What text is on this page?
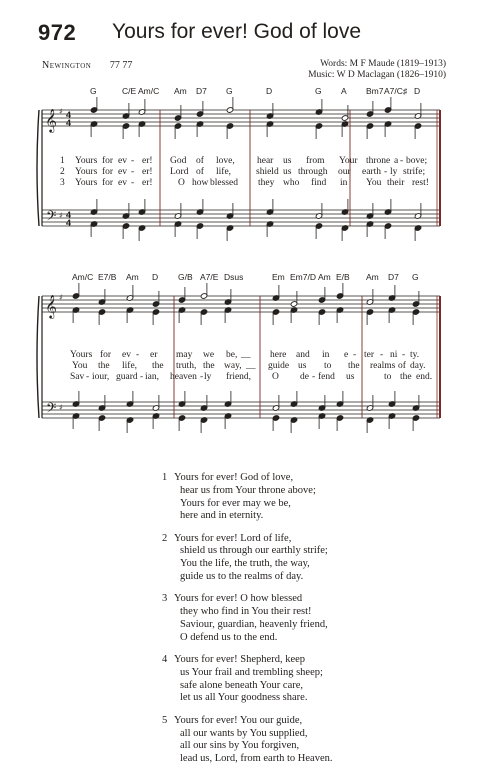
972 Yours for ever! God of love
Newington 77 77	Words: M F Maude (1819–1913)
Music: W D Maclagan (1826–1910)
𝄞
𝄢
♯
♯
4
4
4
4
G	C/E Am/C Am D7 G	D	G A Bm7 A7/C♯ D
1 Yours for ev - er! God of love, hear us from Your throne a - bove;
2 Yours for ev - er! Lord of life,	shield us through our earth - ly strife;
3 Yours for ev - er!	O how blessed they who find in You their rest!
𝄞
𝄢
♯
♯
Am/C E7/B Am D G/B A7/E Dsus	Em Em7/D Am E/B Am D7 G
Yours for ev - er may we be, __ here and in e - ter - ni - ty.
You the life, the truth, the way, __ guide us to the realms of day.
Sav - iour, guard - ian, heaven - ly friend, O de - fend us	to the end.
1 Yours for ever! God of love,
hear us from Your throne above;
Yours for ever may we be,
here and in eternity.
2 Yours for ever! Lord of life,
shield us through our earthly strife;
You the life, the truth, the way,
guide us to the realms of day.
3 Yours for ever! O how blessed
they who find in You their rest!
Saviour, guardian, heavenly friend,
O defend us to the end.
4 Yours for ever! Shepherd, keep
us Your frail and trembling sheep;
safe alone beneath Your care,
let us all Your goodness share.
5 Yours for ever! You our guide,
all our wants by You supplied,
all our sins by You forgiven,
lead us, Lord, from earth to Heaven.
